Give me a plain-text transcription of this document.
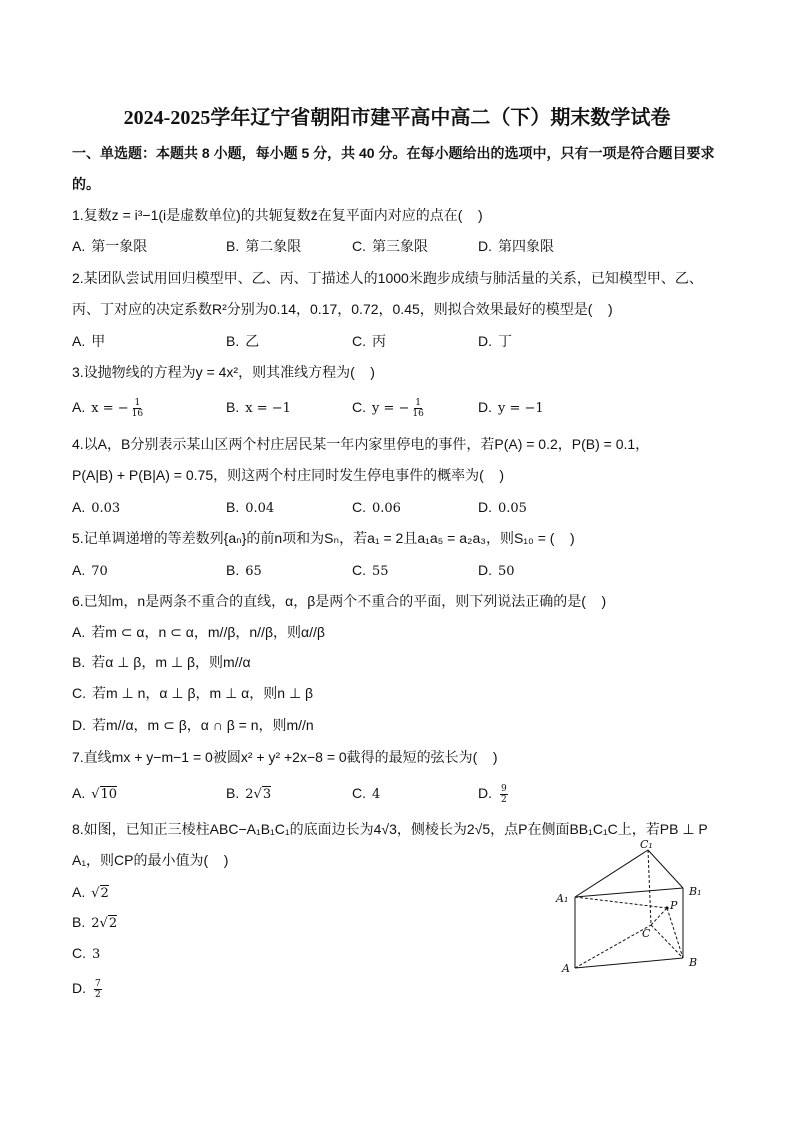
2024-2025学年辽宁省朝阳市建平高中高二（下）期末数学试卷
一、单选题：本题共 8 小题，每小题 5 分，共 40 分。在每小题给出的选项中，只有一项是符合题目要求
的。
1.复数z = i³−1(i是虚数单位)的共轭复数z̄在复平面内对应的点在(    )
A. 第一象限	B. 第二象限	C. 第三象限	D. 第四象限
2.某团队尝试用回归模型甲、乙、丙、丁描述人的1000米跑步成绩与肺活量的关系，已知模型甲、乙、
丙、丁对应的决定系数R²分别为0.14，0.17，0.72，0.45，则拟合效果最好的模型是(    )
A. 甲	B. 乙	C. 丙	D. 丁
3.设抛物线的方程为y = 4x²，则其准线方程为(    )
A. x = − $\frac{1}{16}$	B. x = −1	C. y = − $\frac{1}{16}$	D. y = −1
4.以A，B分别表示某山区两个村庄居民某一年内家里停电的事件，若P(A) = 0.2，P(B) = 0.1，
P(A|B) + P(B|A) = 0.75，则这两个村庄同时发生停电事件的概率为(    )
A. 0.03	B. 0.04	C. 0.06	D. 0.05
5.记单调递增的等差数列{aₙ}的前n项和为Sₙ，若a₁ = 2且a₁a₅ = a₂a₃，则S₁₀ = (    )
A. 70	B. 65	C. 55	D. 50
6.已知m，n是两条不重合的直线，α，β是两个不重合的平面，则下列说法正确的是(    )
A. 若m ⊂ α，n ⊂ α，m//β，n//β，则α//β
B. 若α ⊥ β，m ⊥ β，则m//α
C. 若m ⊥ n，α ⊥ β，m ⊥ α，则n ⊥ β
D. 若m//α，m ⊂ β，α ∩ β = n，则m//n
7.直线mx + y−m−1 = 0被圆x² + y² +2x−8 = 0截得的最短的弦长为(    )
A. √10	B. 2√3	C. 4	D. $\frac{9}{2}$
8.如图，已知正三棱柱ABC−A₁B₁C₁的底面边长为4√3，侧棱长为2√5，点P在侧面BB₁C₁C上，若PB ⊥ P
A₁，则CP的最小值为(    )
A. √2
B. 2√2
C. 3
D. $\frac{7}{2}$
C₁
A₁
B₁
P
C
A	B
